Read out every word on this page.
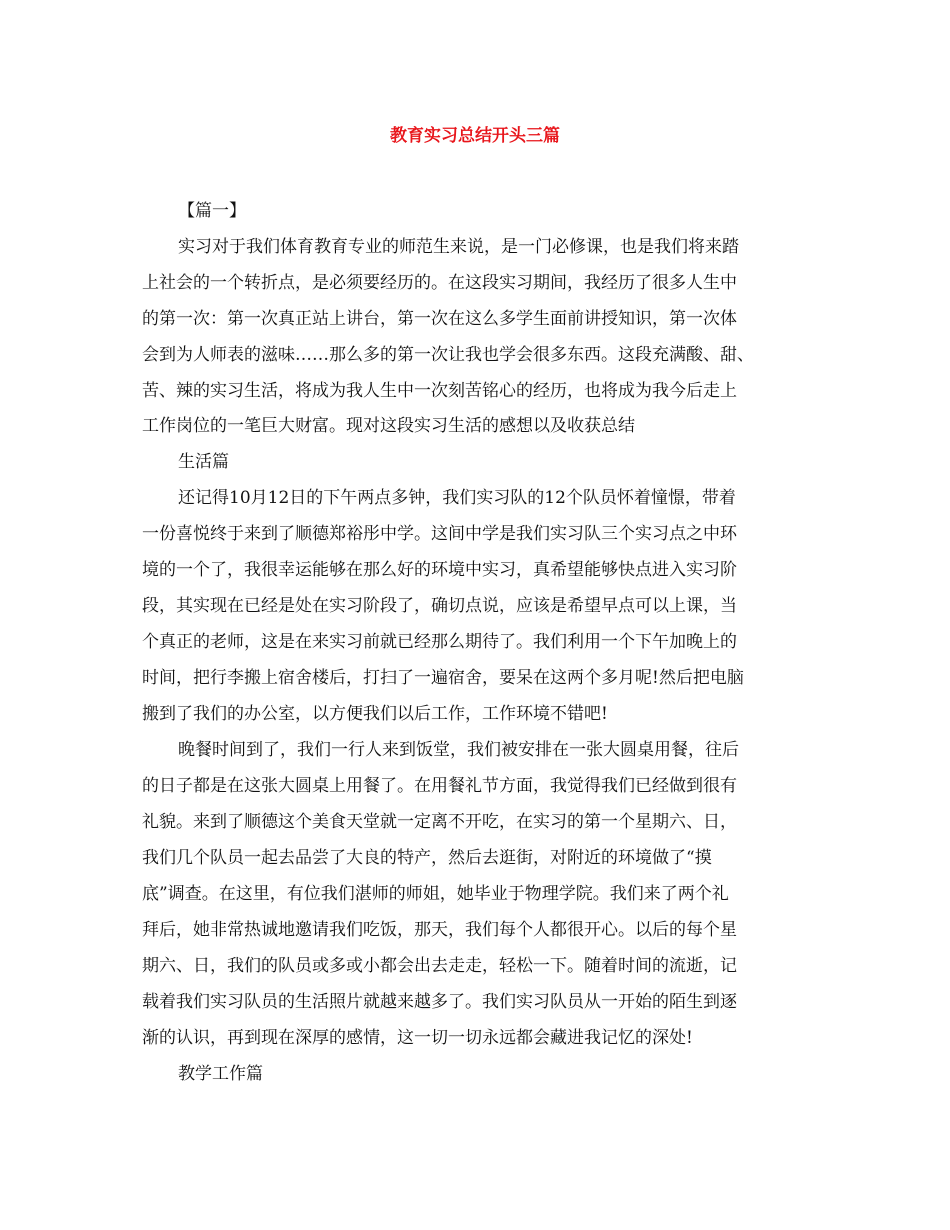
教育实习总结开头三篇

【篇一】

实习对于我们体育教育专业的师范生来说，是一门必修课，也是我们将来踏

上社会的一个转折点，是必须要经历的。在这段实习期间，我经历了很多人生中

的第一次：第一次真正站上讲台，第一次在这么多学生面前讲授知识，第一次体

会到为人师表的滋味……那么多的第一次让我也学会很多东西。这段充满酸、甜、

苦、辣的实习生活，将成为我人生中一次刻苦铭心的经历，也将成为我今后走上

工作岗位的一笔巨大财富。现对这段实习生活的感想以及收获总结

生活篇

还记得10月12日的下午两点多钟，我们实习队的12个队员怀着憧憬，带着

一份喜悦终于来到了顺德郑裕彤中学。这间中学是我们实习队三个实习点之中环

境的一个了，我很幸运能够在那么好的环境中实习，真希望能够快点进入实习阶

段，其实现在已经是处在实习阶段了，确切点说，应该是希望早点可以上课，当

个真正的老师，这是在来实习前就已经那么期待了。我们利用一个下午加晚上的

时间，把行李搬上宿舍楼后，打扫了一遍宿舍，要呆在这两个多月呢!然后把电脑

搬到了我们的办公室，以方便我们以后工作，工作环境不错吧!

晚餐时间到了，我们一行人来到饭堂，我们被安排在一张大圆桌用餐，往后

的日子都是在这张大圆桌上用餐了。在用餐礼节方面，我觉得我们已经做到很有

礼貌。来到了顺德这个美食天堂就一定离不开吃，在实习的第一个星期六、日，

我们几个队员一起去品尝了大良的特产，然后去逛街，对附近的环境做了“摸

底”调查。在这里，有位我们湛师的师姐，她毕业于物理学院。我们来了两个礼

拜后，她非常热诚地邀请我们吃饭，那天，我们每个人都很开心。以后的每个星

期六、日，我们的队员或多或小都会出去走走，轻松一下。随着时间的流逝，记

载着我们实习队员的生活照片就越来越多了。我们实习队员从一开始的陌生到逐

渐的认识，再到现在深厚的感情，这一切一切永远都会藏进我记忆的深处!

教学工作篇
